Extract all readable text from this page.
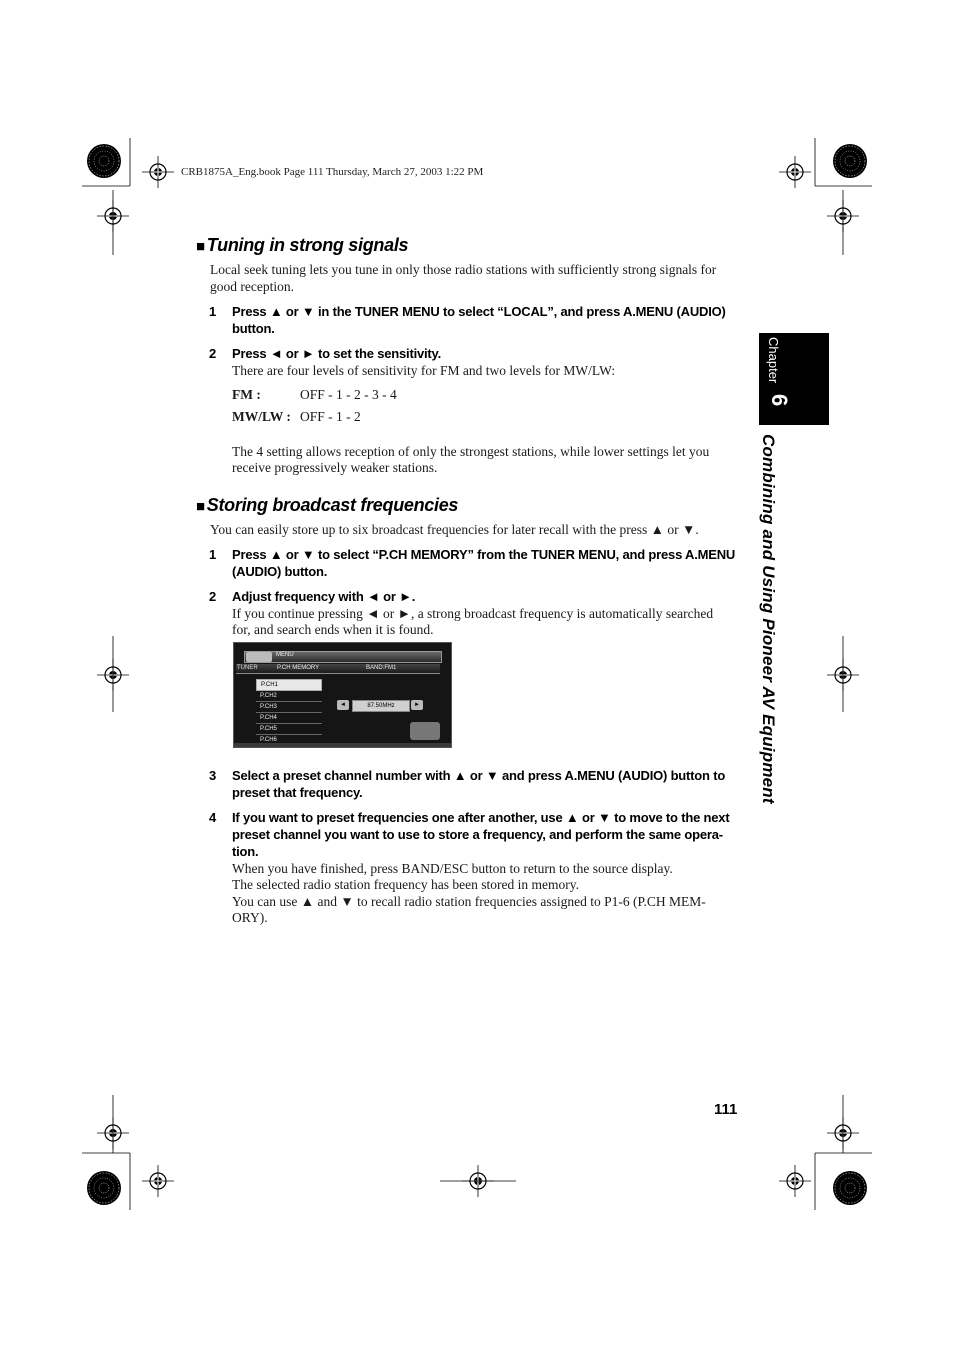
CRB1875A_Eng.book Page 111 Thursday, March 27, 2003 1:22 PM
Chapter
6
Combining and Using Pioneer AV Equipment
■ Tuning in strong signals
Local seek tuning lets you tune in only those radio stations with sufficiently strong signals for
good reception.
1 Press ▲ or ▼ in the TUNER MENU to select “LOCAL”, and press A.MENU (AUDIO)
button.
2 Press ◄ or ► to set the sensitivity.
There are four levels of sensitivity for FM and two levels for MW/LW:
FM :	OFF - 1 - 2 - 3 - 4
MW/LW : OFF - 1 - 2
The 4 setting allows reception of only the strongest stations, while lower settings let you
receive progressively weaker stations.
■ Storing broadcast frequencies
You can easily store up to six broadcast frequencies for later recall with the press ▲ or ▼.
1 Press ▲ or ▼ to select “P.CH MEMORY” from the TUNER MENU, and press A.MENU
(AUDIO) button.
2 Adjust frequency with ◄ or ►.
If you continue pressing ◄ or ►, a strong broadcast frequency is automatically searched
for, and search ends when it is found.
MENU
TUNER	P.CH MEMORY	BAND:FM1
P.CH1
P.CH2
P.CH3
P.CH4
P.CH5
P.CH6
◄	87.50MHz	►
3 Select a preset channel number with ▲ or ▼ and press A.MENU (AUDIO) button to
preset that frequency.
4 If you want to preset frequencies one after another, use ▲ or ▼ to move to the next
preset channel you want to use to store a frequency, and perform the same opera-
tion.
When you have finished, press BAND/ESC button to return to the source display.
The selected radio station frequency has been stored in memory.
You can use ▲ and ▼ to recall radio station frequencies assigned to P1-6 (P.CH MEM-
ORY).
111
